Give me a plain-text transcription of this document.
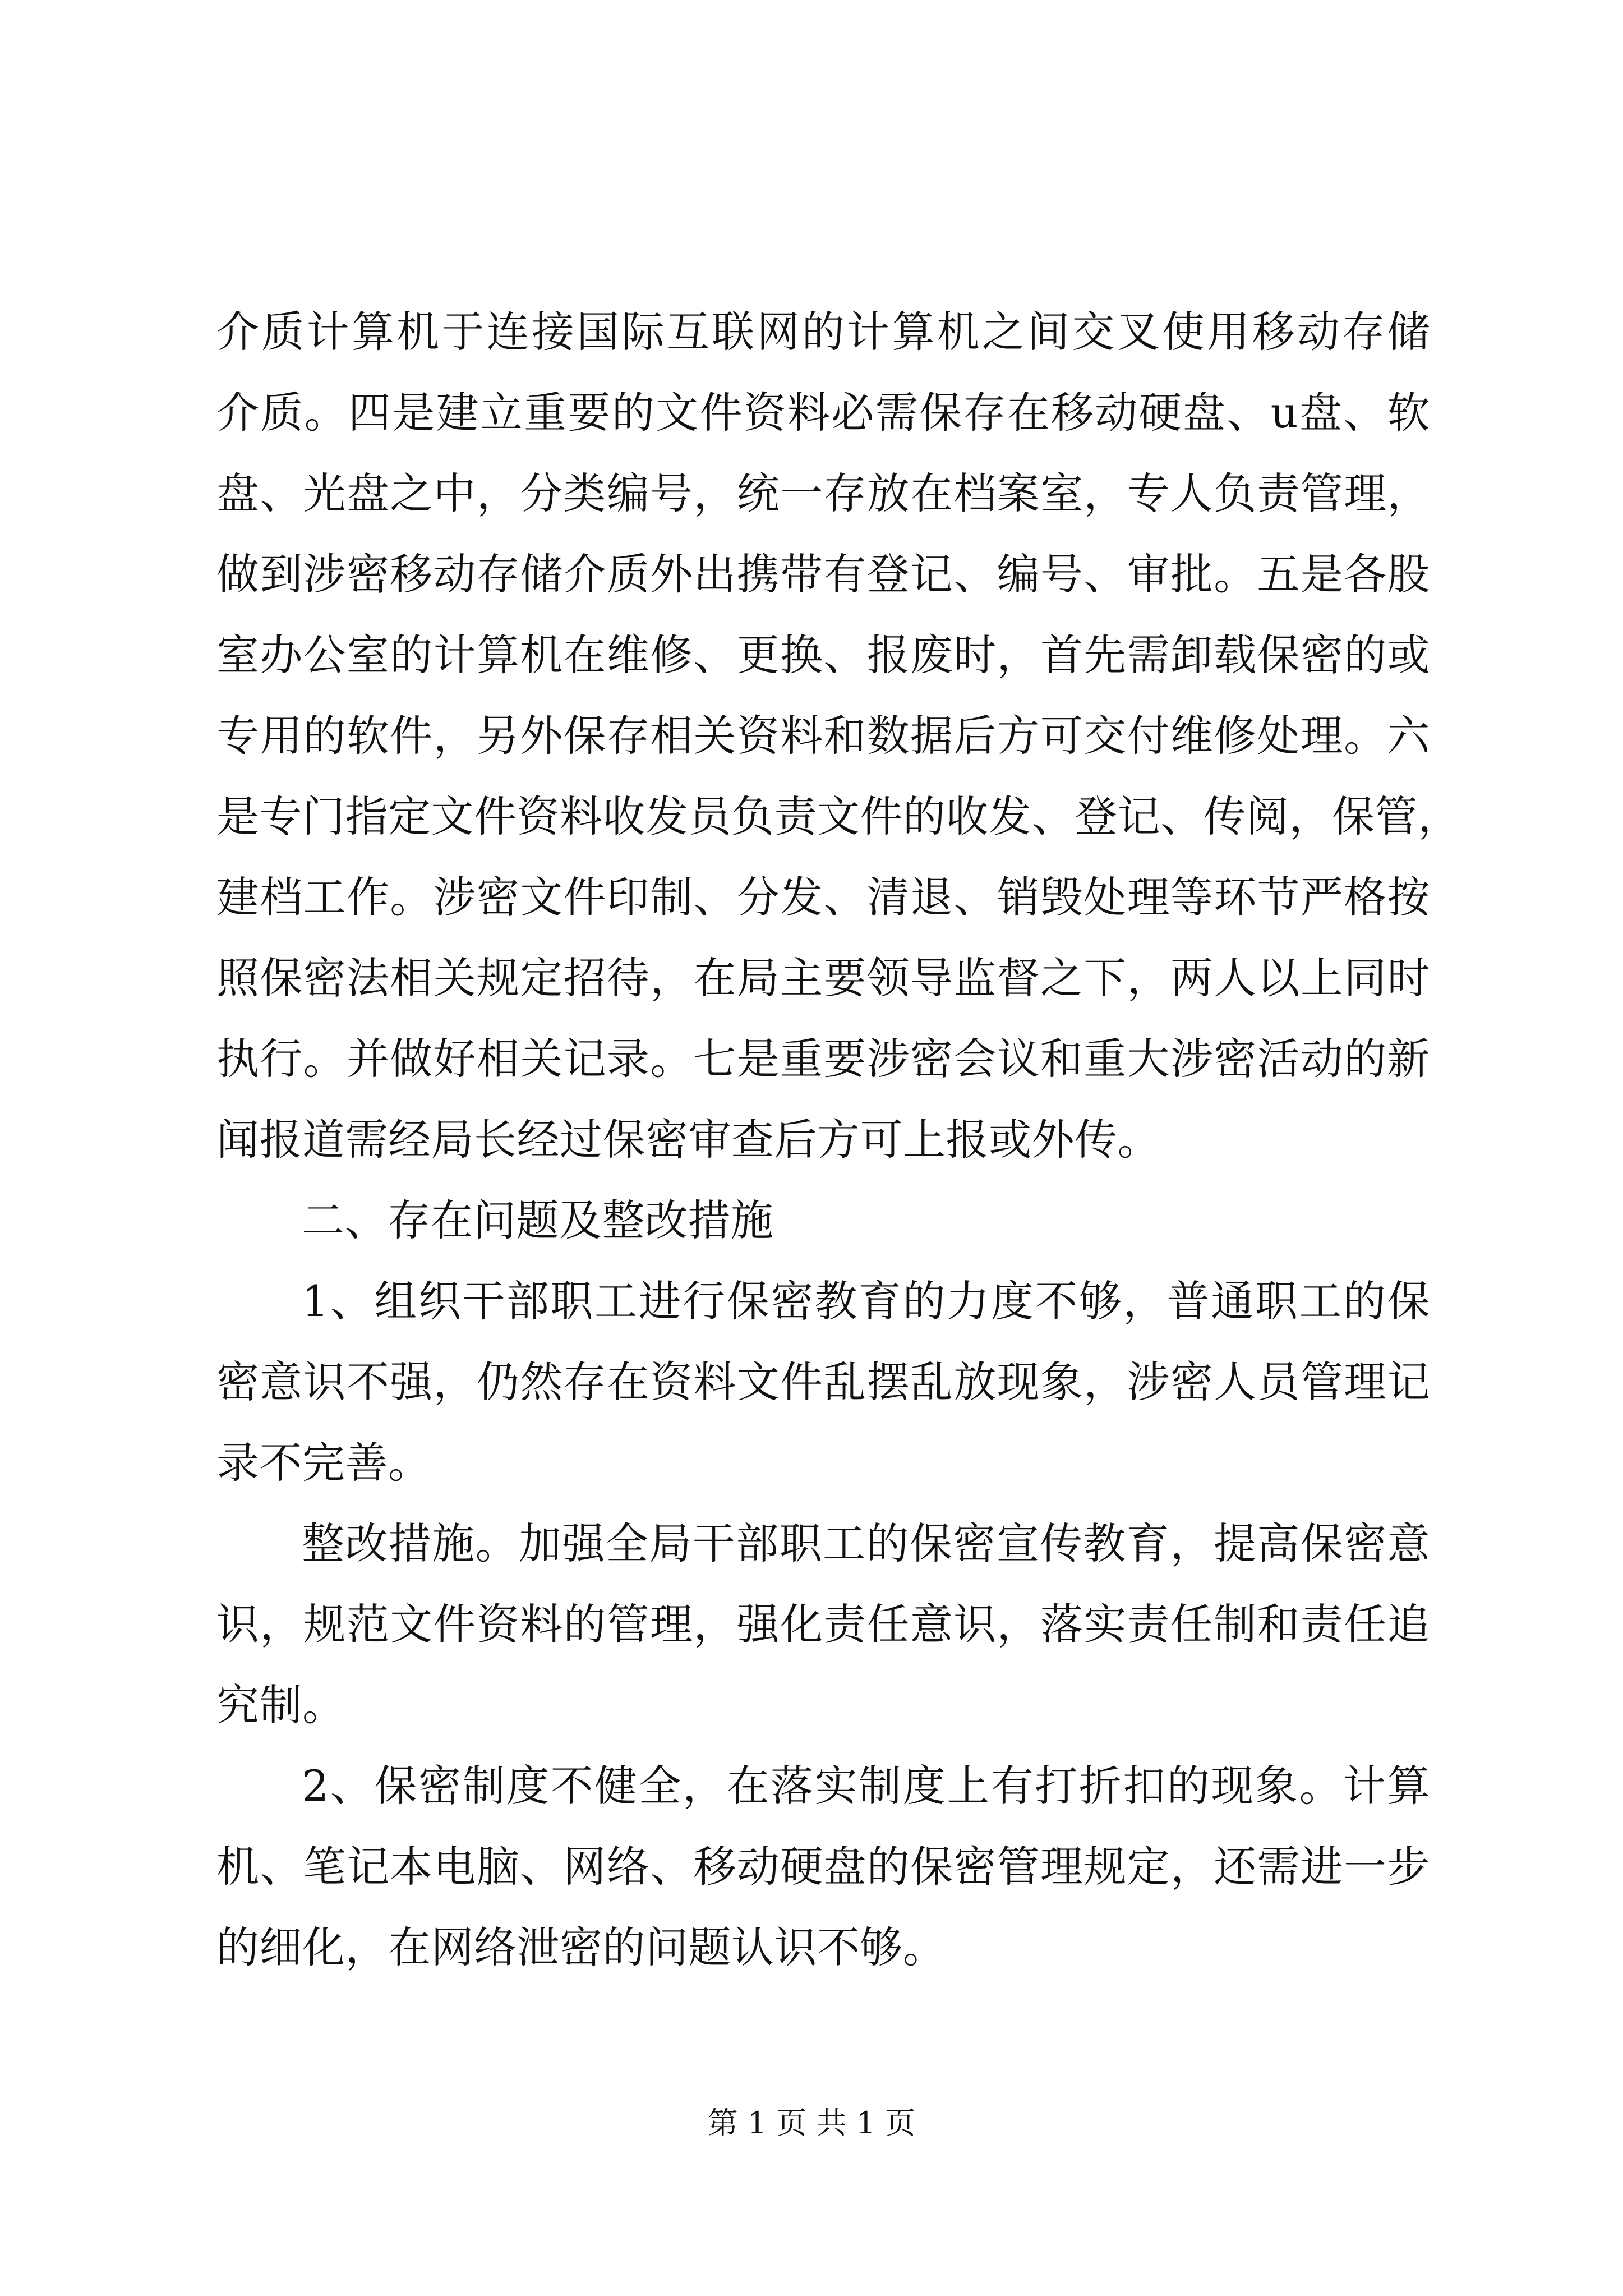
介质计算机于连接国际互联网的计算机之间交叉使用移动存储
介质。四是建立重要的文件资料必需保存在移动硬盘、u盘、软
盘、光盘之中，分类编号，统一存放在档案室，专人负责管理，
做到涉密移动存储介质外出携带有登记、编号、审批。五是各股
室办公室的计算机在维修、更换、报废时，首先需卸载保密的或
专用的软件，另外保存相关资料和数据后方可交付维修处理。六
是专门指定文件资料收发员负责文件的收发、登记、传阅，保管，
建档工作。涉密文件印制、分发、清退、销毁处理等环节严格按
照保密法相关规定招待，在局主要领导监督之下，两人以上同时
执行。并做好相关记录。七是重要涉密会议和重大涉密活动的新
闻报道需经局长经过保密审查后方可上报或外传。
二、存在问题及整改措施
1、组织干部职工进行保密教育的力度不够，普通职工的保
密意识不强，仍然存在资料文件乱摆乱放现象，涉密人员管理记
录不完善。
整改措施。加强全局干部职工的保密宣传教育，提高保密意
识，规范文件资料的管理，强化责任意识，落实责任制和责任追
究制。
2、保密制度不健全，在落实制度上有打折扣的现象。计算
机、笔记本电脑、网络、移动硬盘的保密管理规定，还需进一步
的细化，在网络泄密的问题认识不够。
第 1 页 共 1 页
